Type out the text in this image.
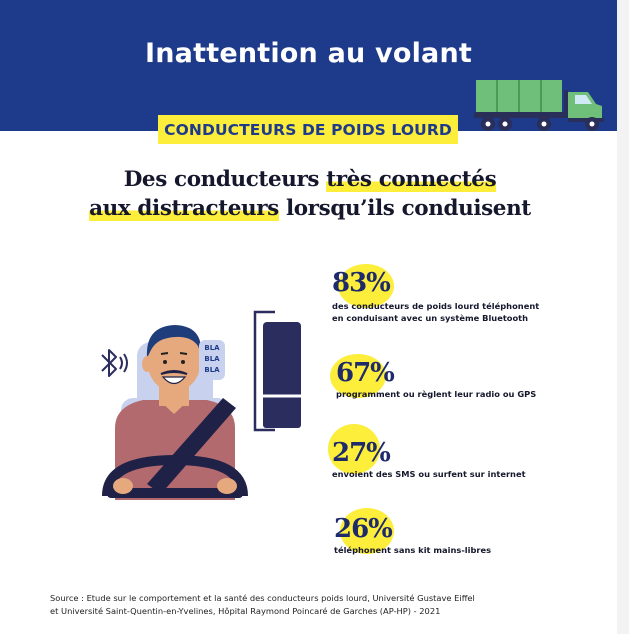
Inattention au volant
CONDUCTEURS DE POIDS LOURD
Des conducteurs très connectés
aux distracteurs lorsqu’ils conduisent
BLA
BLA
BLA
83%
des conducteurs de poids lourd téléphonent
en conduisant avec un système Bluetooth
67%
programment ou règlent leur radio ou GPS
27%
envoient des SMS ou surfent sur internet
26%
téléphonent sans kit mains-libres
Source : Etude sur le comportement et la santé des conducteurs poids lourd, Université Gustave Eiffel
et Université Saint-Quentin-en-Yvelines, Hôpital Raymond Poincaré de Garches (AP-HP) - 2021
